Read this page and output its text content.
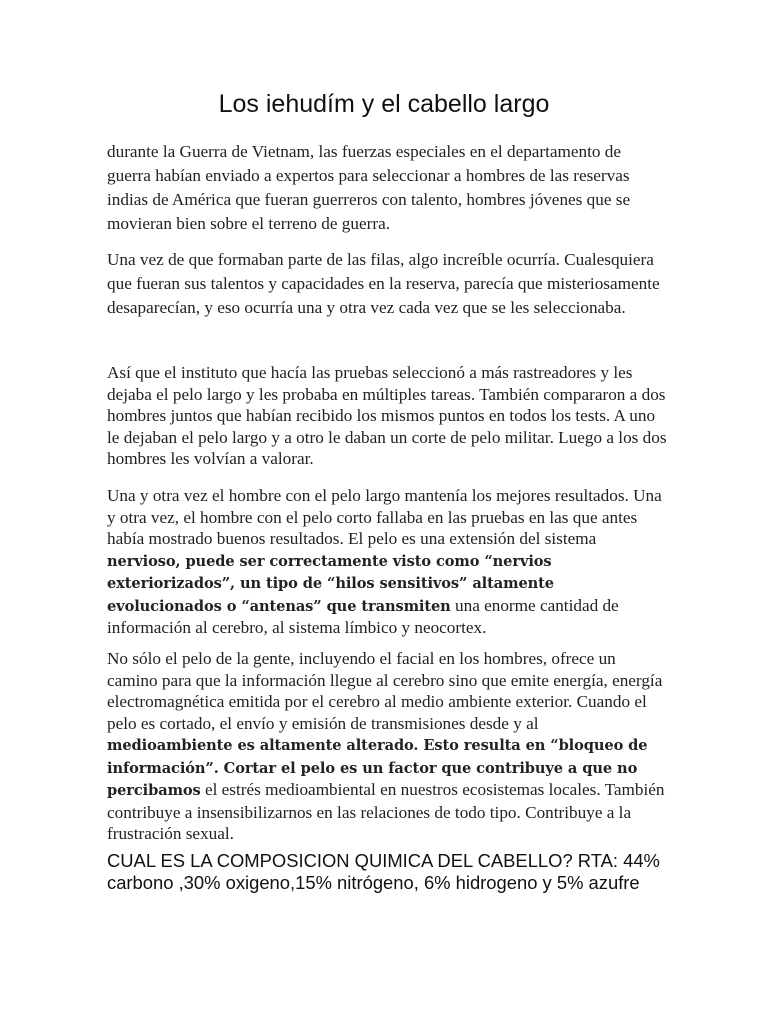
Los iehudím y el cabello largo

durante la Guerra de Vietnam, las fuerzas especiales en el departamento de guerra habían enviado a expertos para seleccionar a hombres de las reservas indias de América que fueran guerreros con talento, hombres jóvenes que se movieran bien sobre el terreno de guerra.

Una vez de que formaban parte de las filas, algo increíble ocurría. Cualesquiera que fueran sus talentos y capacidades en la reserva, parecía que misteriosamente desaparecían, y eso ocurría una y otra vez cada vez que se les seleccionaba.

Así que el instituto que hacía las pruebas seleccionó a más rastreadores y les dejaba el pelo largo y les probaba en múltiples tareas. También compararon a dos hombres juntos que habían recibido los mismos puntos en todos los tests. A uno le dejaban el pelo largo y a otro le daban un corte de pelo militar. Luego a los dos hombres les volvían a valorar.

Una y otra vez el hombre con el pelo largo mantenía los mejores resultados. Una y otra vez, el hombre con el pelo corto fallaba en las pruebas en las que antes había mostrado buenos resultados. El pelo es una extensión del sistema nervioso, puede ser correctamente visto como “nervios exteriorizados”, un tipo de “hilos sensitivos” altamente evolucionados o “antenas” que transmiten una enorme cantidad de información al cerebro, al sistema límbico y neocortex.

No sólo el pelo de la gente, incluyendo el facial en los hombres, ofrece un camino para que la información llegue al cerebro sino que emite energía, energía electromagnética emitida por el cerebro al medio ambiente exterior. Cuando el pelo es cortado, el envío y emisión de transmisiones desde y al medioambiente es altamente alterado. Esto resulta en “bloqueo de información”. Cortar el pelo es un factor que contribuye a que no percibamos el estrés medioambiental en nuestros ecosistemas locales. También contribuye a insensibilizarnos en las relaciones de todo tipo. Contribuye a la frustración sexual.

CUAL ES LA COMPOSICION QUIMICA DEL CABELLO? RTA: 44% carbono ,30% oxigeno,15% nitrógeno, 6% hidrogeno y 5% azufre
